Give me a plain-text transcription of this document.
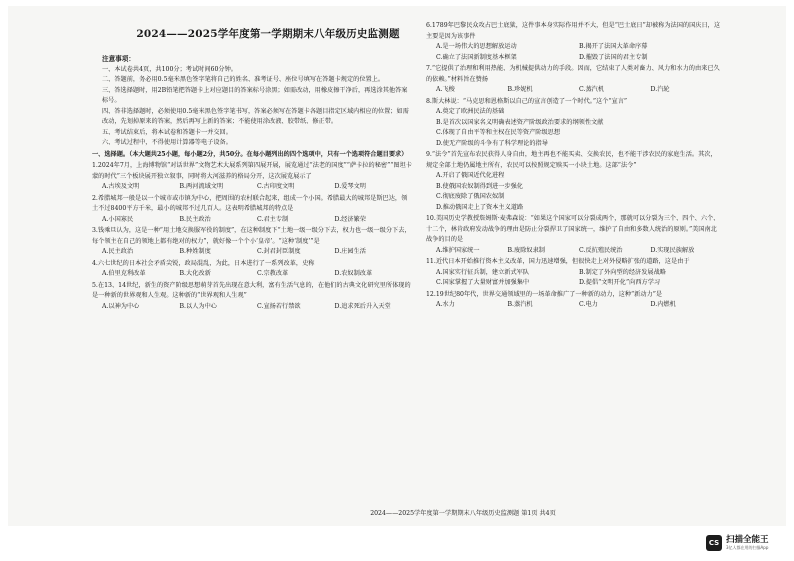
2024——2025学年度第一学期期末八年级历史监测题
注意事项：
一、本试卷共4页，共100分；考试时间60分钟。
二、答题前，务必用0.5毫米黑色签字笔将自己的姓名、准考证号、座位号填写在答题卡规定的位置上。
三、答选择题时，用2B铅笔把答题卡上对应题目的答案标号涂黑；如需改动，用橡皮擦干净后，再选涂其他答案标号。
四、答非选择题时，必须使用0.5毫米黑色签字笔书写，答案必须写在答题卡各题目指定区域内相应的位置；如需改动，先划掉原来的答案，然后再写上新的答案；不能使用涂改液、胶带纸、修正带。
五、考试结束后，将本试卷和答题卡一并交回。
六、考试过程中，不得使用计算器等电子设备。
一、选择题。（本大题共25小题，每小题2分，共50分。在每小题列出的四个选项中，只有一个选项符合题目要求）
1.2024年7月，上海博物馆“对话世界”文物艺术大展系列第四展开展，展览通过“法老的国度”“萨卡拉的秘密”“图坦卡蒙的时代”三个板块展开独立叙事，同时将大河滋养的格局分开，这次展览展示了
A.古埃及文明	B.两河流域文明	C.古印度文明	D.爱琴文明
2.希腊城邦一般是以一个城市或市镇为中心，把周围的农村联合起来，组成一个小国。希腊最大的城邦是斯巴达，领土不过8400平方千米，最小的城邦不过几百人。这表明希腊城邦的特点是
A.小国寡民	B.民主政治	C.君主专制	D.经济繁荣
3.钱乘旦认为，这是一种“用土地交换服军役的制度”，在这种制度下“土地一级一级分下去，权力也一级一级分下去，每个领主在自己的领地上都有绝对的权力”，就好像一个个小‘皇帝’。“这种‘制度’”是
A.民主政治	B.种姓制度	C.封君封臣制度	D.庄园生活
4.六七世纪的日本社会矛盾尖锐，政局混乱，为此，日本进行了一系列改革，史称
A.伯里克利改革	B.大化改新	C.宗教改革	D.农奴制改革
5.在13、14世纪，新生的资产阶级思想萌芽首先出现在意大利，富有生活气息的，在他们的古典文化研究里所体现的是一种新的世界观和人生观。这种新的“世界观和人生观”
A.以神为中心	B.以人为中心	C.宣扬若行禁欲	D.追求死后升入天堂
6.1789年巴黎民众攻占巴士底狱，这件事本身实际作用并不大，但是“巴士底日”却被称为法国的国庆日，这主要是因为该事件
A.是一场伟大的思想解放运动	B.揭开了法国大革命序幕
C.确立了法国新制度基本框架	D.摧毁了法国的君主专制
7.“它提供了治理和利用热能、为机械提供动力的手段。因而，它结束了人类对畜力、风力和水力的由来已久的依赖。”材料旨在赞扬
A.飞梭	B.珍妮机	C.蒸汽机	D.汽轮
8.斯大林说：“马克思和恩格斯以自己的宣言创造了一个时代。”这个“宣言”
A.奠定了欧洲民法的基础
B.是首次以国家名义明确表述资产阶级政治要求的纲领性文献
C.体现了自由平等和主权在民等资产阶级思想
D.使无产阶级的斗争有了科学理论的指导
9.“法令”首先宣布农民获得人身自由，地主再也不能买卖、交换农民，也不能干涉农民的家庭生活。其次，规定全部土地仍属地主所有，农民可以按照规定赎买一小块土地。这部“法令”
A.开启了俄国近代化进程
B.使俄国农奴制得到进一步强化
C.彻底废除了俄国农奴制
D.推动俄国走上了资本主义道路
10.美国历史学教授詹姆斯·麦弗森说：“如果这个国家可以分裂成两个，那就可以分裂为三个、四个、六个、十二个，林肯政府发动战争的理由是防止分裂捍卫了国家统一，维护了自由和多数人统治的原则。”美国南北战争的目的是
A.维护国家统一	B.废除奴隶制	C.反抗殖民统治	D.实现民族解放
11.近代日本开始推行资本主义改革，国力迅速增强，但很快走上对外侵略扩张的道路，这是由于
A.国家实行征兵制，建立新式军队	B.制定了外向型的经济发展战略
C.国家掌握了大量财富并加强集中	D.提倡“文明开化”向西方学习
12.19世纪80年代，世界交通领域里的一场革命推广了一种新的动力，这种“新动力”是
A.水力	B.蒸汽机	C.电力	D.内燃机
2024——2025学年度第一学期期末八年级历史监测题 第1页 共4页
CS 扫描全能王
3亿人都在用的扫描App
